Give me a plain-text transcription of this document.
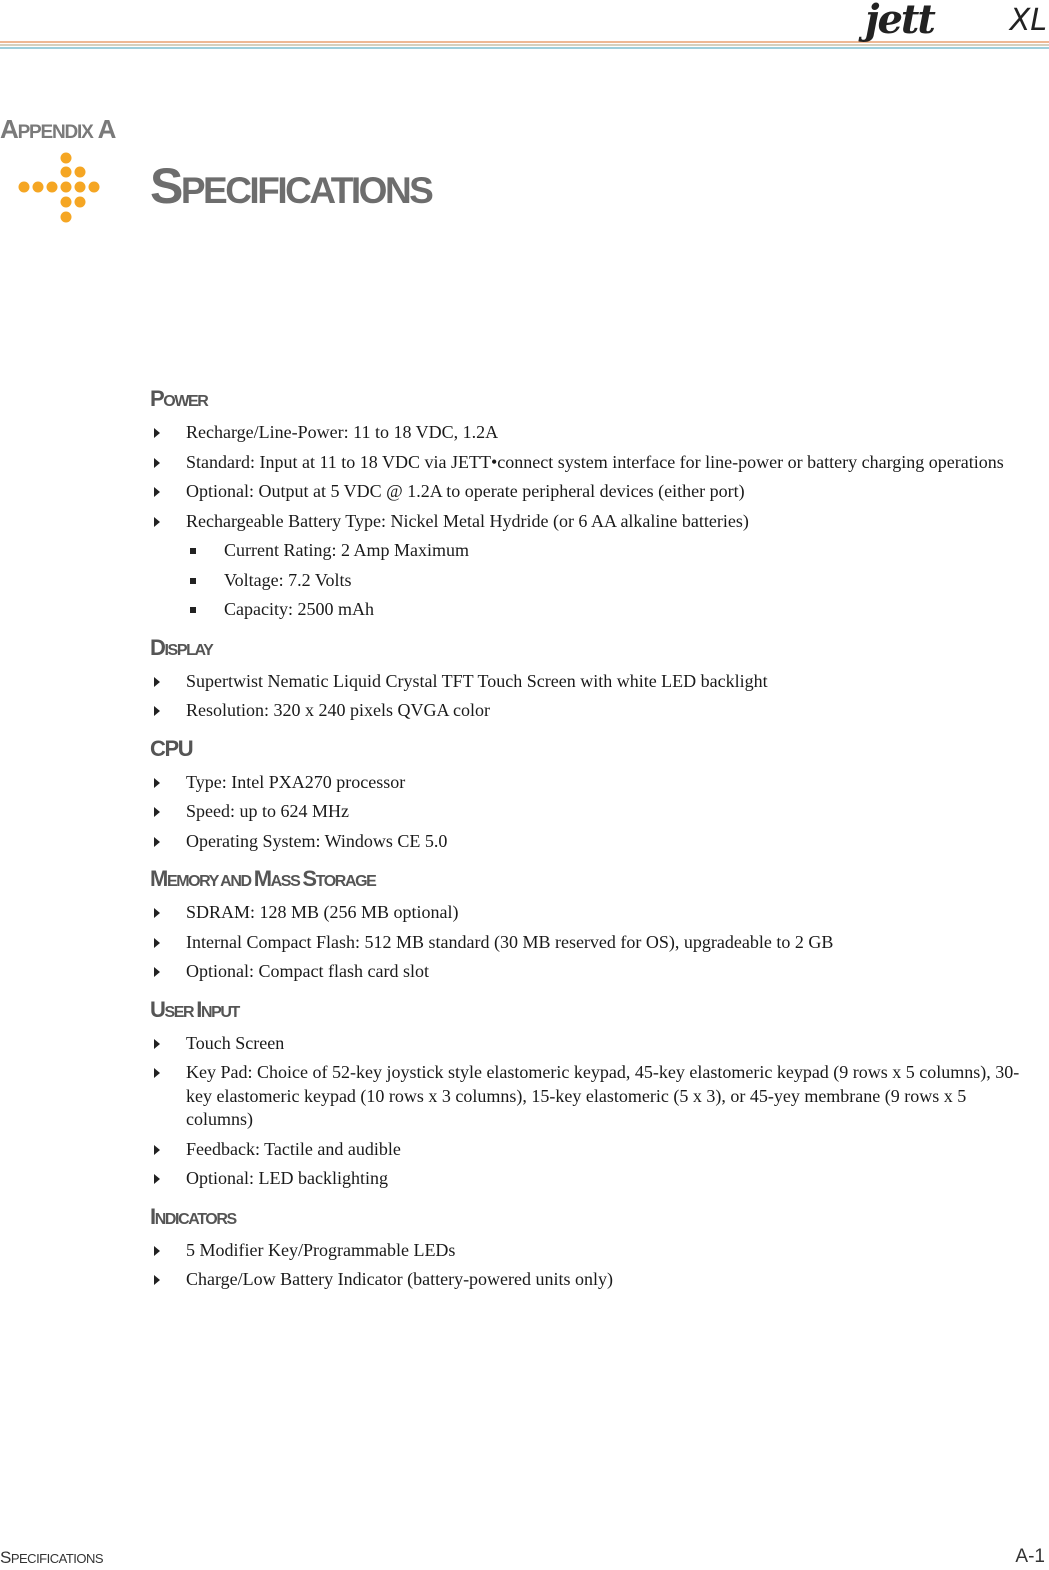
jett	XL
APPENDIX A
SPECIFICATIONS
POWER
Recharge/Line-Power: 11 to 18 VDC, 1.2A
Standard: Input at 11 to 18 VDC via JETT•connect system interface for line-power or battery charging operations
Optional: Output at 5 VDC @ 1.2A to operate peripheral devices (either port)
Rechargeable Battery Type: Nickel Metal Hydride (or 6 AA alkaline batteries)
Current Rating: 2 Amp Maximum
Voltage: 7.2 Volts
Capacity: 2500 mAh
DISPLAY
Supertwist Nematic Liquid Crystal TFT Touch Screen with white LED backlight
Resolution: 320 x 240 pixels QVGA color
CPU
Type: Intel PXA270 processor
Speed: up to 624 MHz
Operating System: Windows CE 5.0
MEMORY AND MASS STORAGE
SDRAM: 128 MB (256 MB optional)
Internal Compact Flash: 512 MB standard (30 MB reserved for OS), upgradeable to 2 GB
Optional: Compact flash card slot
USER INPUT
Touch Screen
Key Pad: Choice of 52-key joystick style elastomeric keypad, 45-key elastomeric keypad (9 rows x 5 columns), 30-key elastomeric keypad (10 rows x 3 columns), 15-key elastomeric (5 x 3), or 45-yey membrane (9 rows x 5 columns)
Feedback: Tactile and audible
Optional: LED backlighting
INDICATORS
5 Modifier Key/Programmable LEDs
Charge/Low Battery Indicator (battery-powered units only)
SPECIFICATIONS	A-1
